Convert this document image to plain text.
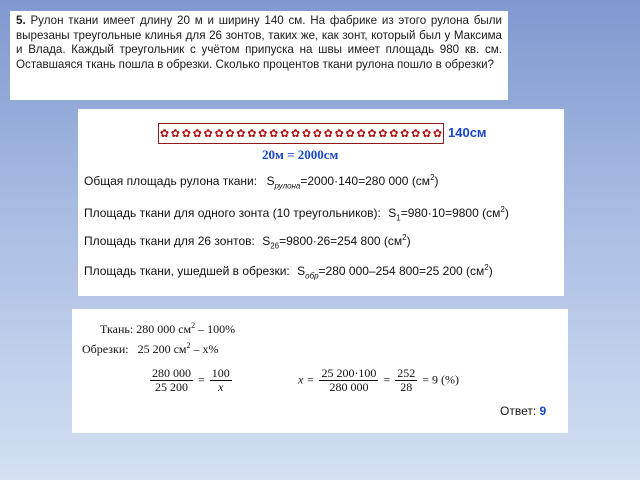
5. Рулон ткани имеет длину 20 м и ширину 140 см. На фабрике из этого рулона были вырезаны треугольные клинья для 26 зонтов, таких же, как зонт, который был у Максима и Влада. Каждый треугольник с учётом припуска на швы имеет площадь 980 кв. см. Оставшаяся ткань пошла в обрезки. Сколько процентов ткани рулона пошло в обрезки?
✿ ✿ ✿ ✿ ✿ ✿ ✿ ✿ ✿ ✿ ✿ ✿ ✿ ✿ ✿ ✿ ✿ ✿ ✿ ✿ ✿ ✿ ✿ ✿ ✿ ✿ 140см
20м = 2000см
Общая площадь рулона ткани: $S_{рулона}=2000\cdot 140=280$ 000 $(см^2)$
Площадь ткани для одного зонта (10 треугольников): $S_1=980\cdot 10=9800$ $(см^2)$
Площадь ткани для 26 зонтов: $S_{26}=9800\cdot 26=254$ 800 $(см^2)$
Площадь ткани, ушедшей в обрезки: $S_{обр}=280$ 000–254 800=25 200 $(см^2)$
Ткань: 280 000 $см^2 - 100\%$
Обрезки: 25 200 $см^2 - x\%$
$\frac{280 000}{25 200} = \frac{100}{x}$	$x = \frac{25 200\cdot 100}{280 000} = \frac{252}{28} = 9$ (%)
Ответ: 9
